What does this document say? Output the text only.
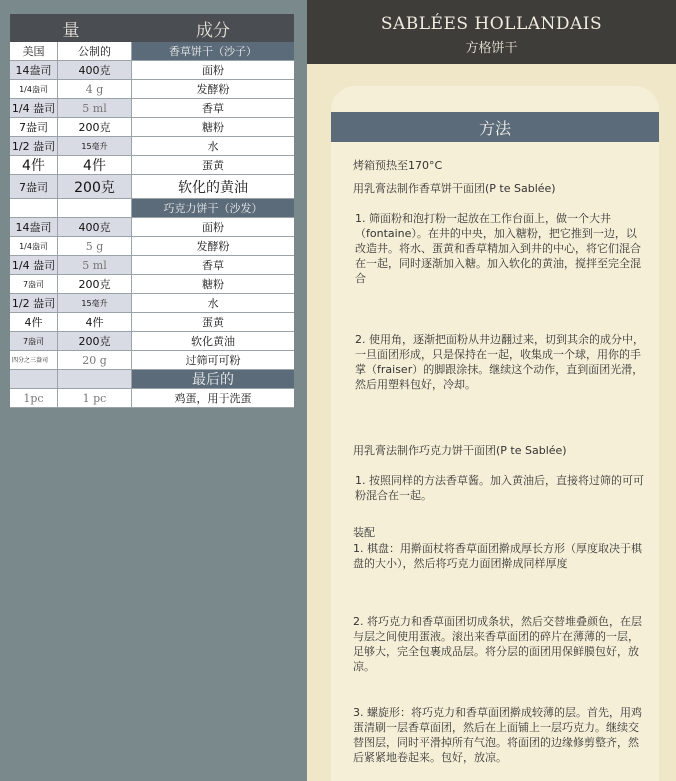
量	成分
美国	公制的	香草饼干（沙子）
14盎司	400克	面粉
1/4盎司	4 g	发酵粉
1/4 盎司	5 ml	香草
7盎司	200克	糖粉
1/2 盎司	15毫升	水
4件	4件	蛋黄
7盎司	200克	软化的黄油
巧克力饼干（沙发）
14盎司	400克	面粉
1/4盎司	5 g	发酵粉
1/4 盎司	5 ml	香草
7盎司	200克	糖粉
1/2 盎司	15毫升	水
4件	4件	蛋黄
7盎司	200克	软化黄油
四分之三盎司	20 g	过筛可可粉
最后的
1pc	1 pc	鸡蛋，用于洗蛋
SABLÉES HOLLANDAIS
方格饼干
方法
烤箱预热至170°C
用乳膏法制作香草饼干面团(P te Sablée)
1. 筛面粉和泡打粉一起放在工作台面上，做一个大井（fontaine）。在井的中央，加入糖粉，把它推到一边，以改造井。将水、蛋黄和香草精加入到井的中心，将它们混合在一起，同时逐渐加入糖。加入软化的黄油，搅拌至完全混合
2. 使用角，逐渐把面粉从井边翻过来，切到其余的成分中，一旦面团形成，只是保持在一起，收集成一个球，用你的手掌（fraiser）的脚跟涂抹。继续这个动作，直到面团光滑，然后用塑料包好，冷却。
用乳膏法制作巧克力饼干面团(P te Sablée)
1. 按照同样的方法香草酱。加入黄油后，直接将过筛的可可粉混合在一起。
装配
1. 棋盘：用擀面杖将香草面团擀成厚长方形（厚度取决于棋盘的大小），然后将巧克力面团擀成同样厚度
2. 将巧克力和香草面团切成条状，然后交替堆叠颜色，在层与层之间使用蛋液。滚出来香草面团的碎片在薄薄的一层，足够大，完全包裹成品层。将分层的面团用保鲜膜包好，放凉。
3. 螺旋形：将巧克力和香草面团擀成较薄的层。首先，用鸡蛋清刷一层香草面团，然后在上面铺上一层巧克力。继续交替图层，同时平滑掉所有气泡。将面团的边缘修剪整齐，然后紧紧地卷起来。包好，放凉。
